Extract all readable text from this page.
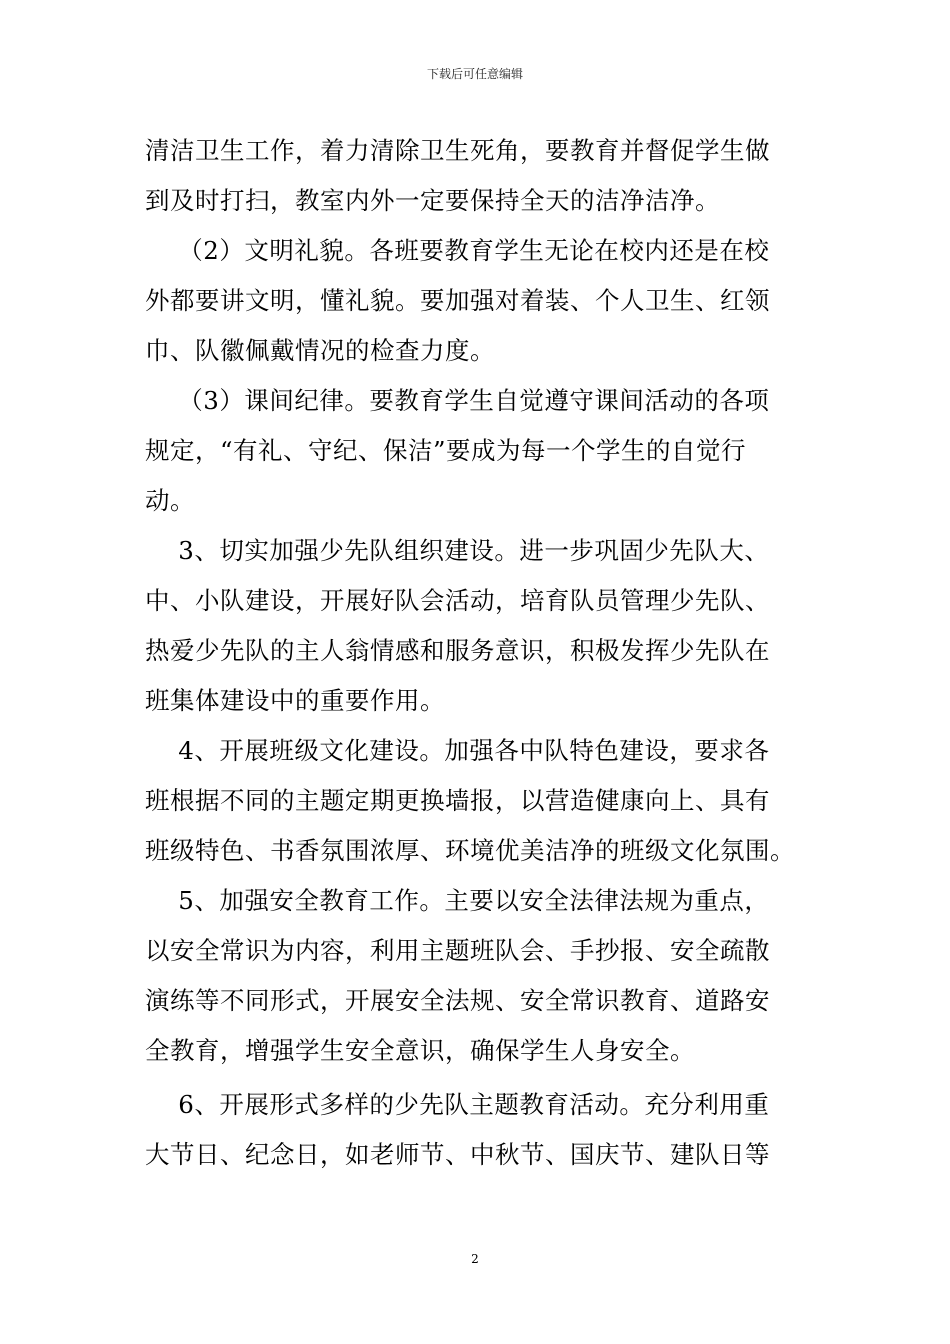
下载后可任意编辑

清洁卫生工作，着力清除卫生死角，要教育并督促学生做
到及时打扫，教室内外一定要保持全天的洁净洁净。

　 （2）文明礼貌。各班要教育学生无论在校内还是在校
外都要讲文明，懂礼貌。要加强对着装、个人卫生、红领
巾、队徽佩戴情况的检查力度。

　 （3）课间纪律。要教育学生自觉遵守课间活动的各项
规定，“有礼、守纪、保洁”要成为每一个学生的自觉行
动。

　 3、切实加强少先队组织建设。进一步巩固少先队大、
中、小队建设，开展好队会活动，培育队员管理少先队、
热爱少先队的主人翁情感和服务意识，积极发挥少先队在
班集体建设中的重要作用。

　 4、开展班级文化建设。加强各中队特色建设，要求各
班根据不同的主题定期更换墙报，以营造健康向上、具有
班级特色、书香氛围浓厚、环境优美洁净的班级文化氛围。

　 5、加强安全教育工作。主要以安全法律法规为重点，
以安全常识为内容，利用主题班队会、手抄报、安全疏散
演练等不同形式，开展安全法规、安全常识教育、道路安
全教育，增强学生安全意识，确保学生人身安全。

　 6、开展形式多样的少先队主题教育活动。充分利用重
大节日、纪念日，如老师节、中秋节、国庆节、建队日等

2
